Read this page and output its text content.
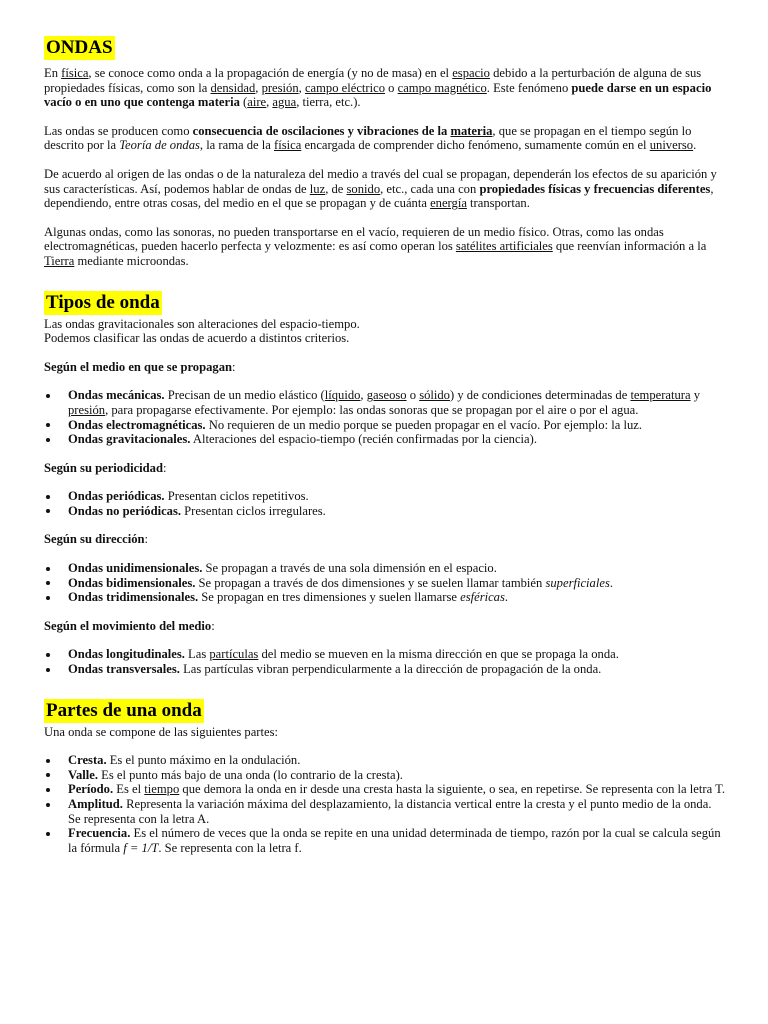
ONDAS

En física, se conoce como onda a la propagación de energía (y no de masa) en el espacio debido a la perturbación de alguna de sus propiedades físicas, como son la densidad, presión, campo eléctrico o campo magnético. Este fenómeno puede darse en un espacio vacío o en uno que contenga materia (aire, agua, tierra, etc.).

Las ondas se producen como consecuencia de oscilaciones y vibraciones de la materia, que se propagan en el tiempo según lo descrito por la Teoría de ondas, la rama de la física encargada de comprender dicho fenómeno, sumamente común en el universo.

De acuerdo al origen de las ondas o de la naturaleza del medio a través del cual se propagan, dependerán los efectos de su aparición y sus características. Así, podemos hablar de ondas de luz, de sonido, etc., cada una con propiedades físicas y frecuencias diferentes, dependiendo, entre otras cosas, del medio en el que se propagan y de cuánta energía transportan.

Algunas ondas, como las sonoras, no pueden transportarse en el vacío, requieren de un medio físico. Otras, como las ondas electromagnéticas, pueden hacerlo perfecta y velozmente: es así como operan los satélites artificiales que reenvían información a la Tierra mediante microondas.

Tipos de onda

Las ondas gravitacionales son alteraciones del espacio-tiempo.

Podemos clasificar las ondas de acuerdo a distintos criterios.

Según el medio en que se propagan:

Ondas mecánicas. Precisan de un medio elástico (líquido, gaseoso o sólido) y de condiciones determinadas de temperatura y presión, para propagarse efectivamente. Por ejemplo: las ondas sonoras que se propagan por el aire o por el agua.
Ondas electromagnéticas. No requieren de un medio porque se pueden propagar en el vacío. Por ejemplo: la luz.
Ondas gravitacionales. Alteraciones del espacio-tiempo (recién confirmadas por la ciencia).

Según su periodicidad:

Ondas periódicas. Presentan ciclos repetitivos.
Ondas no periódicas. Presentan ciclos irregulares.

Según su dirección:

Ondas unidimensionales. Se propagan a través de una sola dimensión en el espacio.
Ondas bidimensionales. Se propagan a través de dos dimensiones y se suelen llamar también superficiales.
Ondas tridimensionales. Se propagan en tres dimensiones y suelen llamarse esféricas.

Según el movimiento del medio:

Ondas longitudinales. Las partículas del medio se mueven en la misma dirección en que se propaga la onda.
Ondas transversales. Las partículas vibran perpendicularmente a la dirección de propagación de la onda.
Partes de una onda

Una onda se compone de las siguientes partes:

Cresta. Es el punto máximo en la ondulación.
Valle. Es el punto más bajo de una onda (lo contrario de la cresta).
Período. Es el tiempo que demora la onda en ir desde una cresta hasta la siguiente, o sea, en repetirse. Se representa con la letra T.
Amplitud. Representa la variación máxima del desplazamiento, la distancia vertical entre la cresta y el punto medio de la onda. Se representa con la letra A.
Frecuencia. Es el número de veces que la onda se repite en una unidad determinada de tiempo, razón por la cual se calcula según la fórmula f = 1/T. Se representa con la letra f.
